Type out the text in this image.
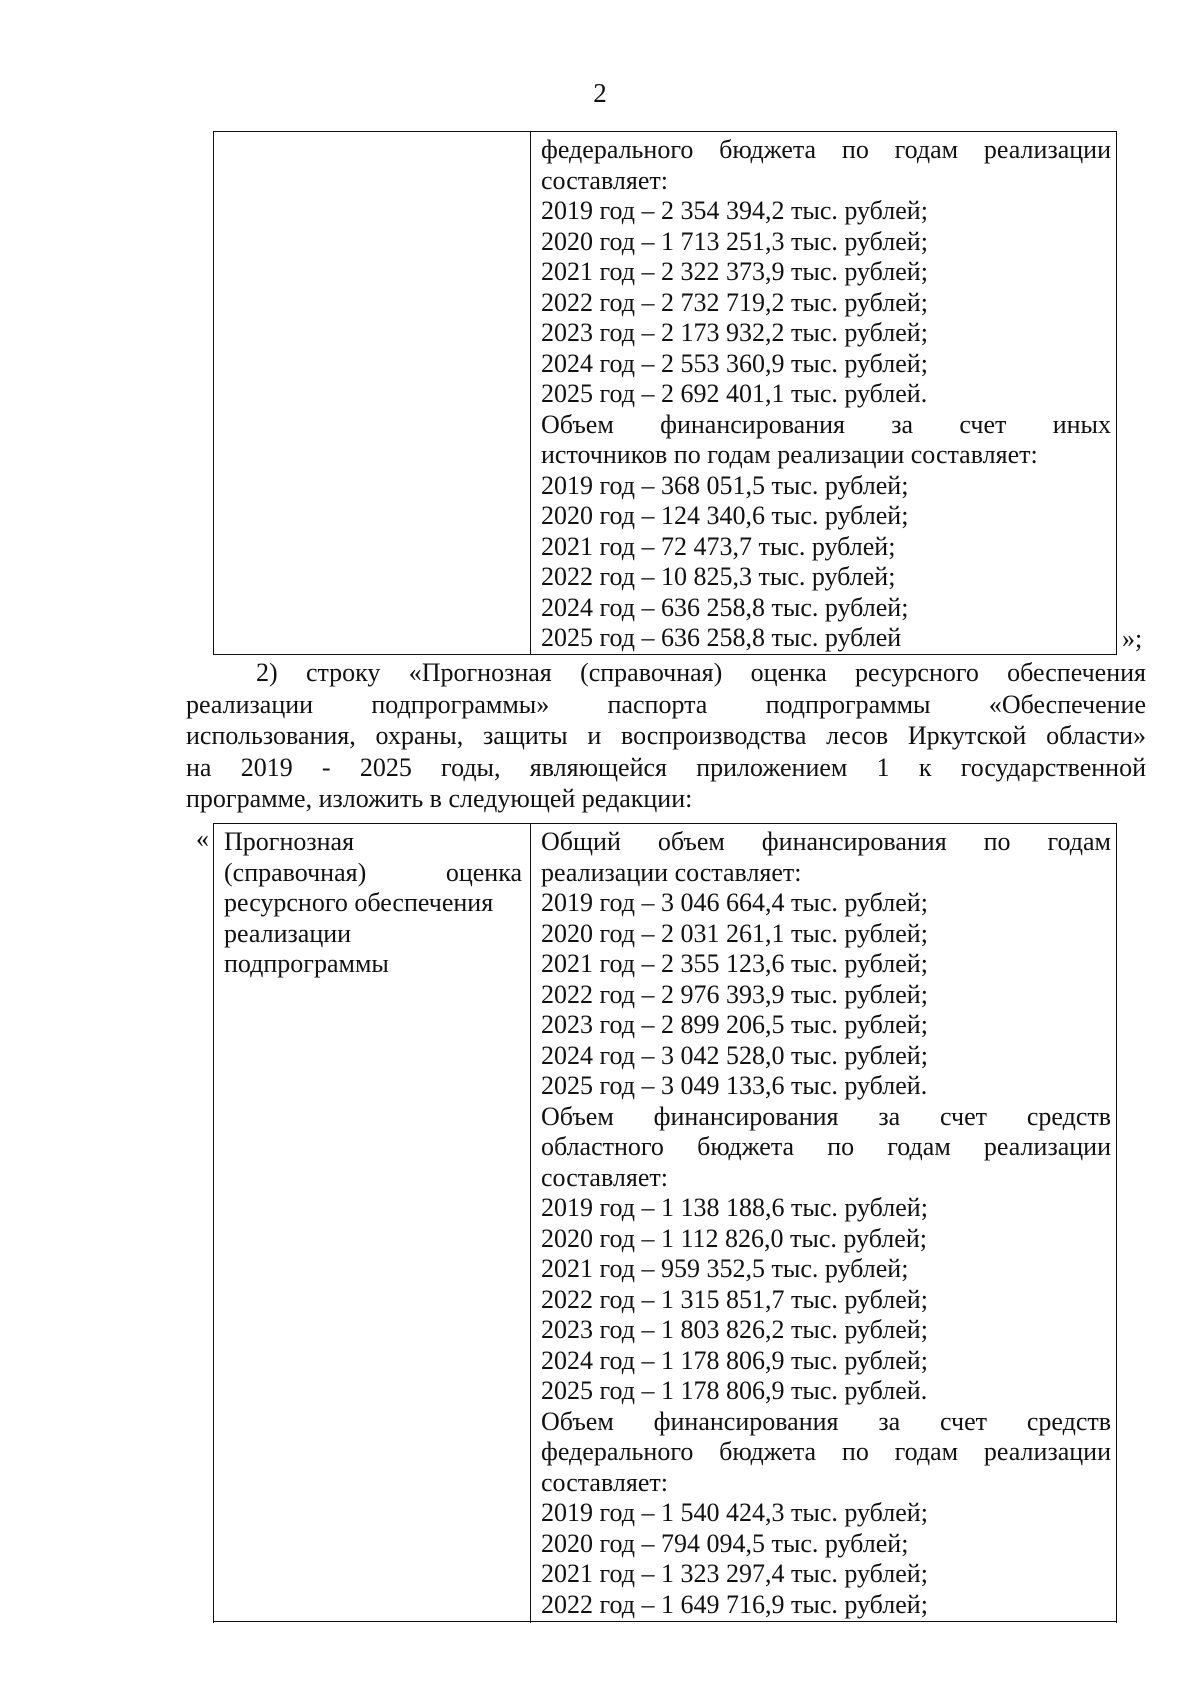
2
федерального бюджета по годам реализации
составляет:
2019 год – 2 354 394,2 тыс. рублей;
2020 год – 1 713 251,3 тыс. рублей;
2021 год – 2 322 373,9 тыс. рублей;
2022 год – 2 732 719,2 тыс. рублей;
2023 год – 2 173 932,2 тыс. рублей;
2024 год – 2 553 360,9 тыс. рублей;
2025 год – 2 692 401,1 тыс. рублей.
Объем финансирования за счет иных
источников по годам реализации составляет:
2019 год – 368 051,5 тыс. рублей;
2020 год – 124 340,6 тыс. рублей;
2021 год – 72 473,7 тыс. рублей;
2022 год – 10 825,3 тыс. рублей;
2024 год – 636 258,8 тыс. рублей;
2025 год – 636 258,8 тыс. рублей	»;
2) строку «Прогнозная (справочная) оценка ресурсного обеспечения
реализации подпрограммы» паспорта подпрограммы «Обеспечение
использования, охраны, защиты и воспроизводства лесов Иркутской области»
на 2019 - 2025 годы, являющейся приложением 1 к государственной
программе, изложить в следующей редакции:
« Прогнозная
(справочная) оценка
ресурсного обеспечения
реализации
подпрограммы
Общий объем финансирования по годам
реализации составляет:
2019 год – 3 046 664,4 тыс. рублей;
2020 год – 2 031 261,1 тыс. рублей;
2021 год – 2 355 123,6 тыс. рублей;
2022 год – 2 976 393,9 тыс. рублей;
2023 год – 2 899 206,5 тыс. рублей;
2024 год – 3 042 528,0 тыс. рублей;
2025 год – 3 049 133,6 тыс. рублей.
Объем финансирования за счет средств
областного бюджета по годам реализации
составляет:
2019 год – 1 138 188,6 тыс. рублей;
2020 год – 1 112 826,0 тыс. рублей;
2021 год – 959 352,5 тыс. рублей;
2022 год – 1 315 851,7 тыс. рублей;
2023 год – 1 803 826,2 тыс. рублей;
2024 год – 1 178 806,9 тыс. рублей;
2025 год – 1 178 806,9 тыс. рублей.
Объем финансирования за счет средств
федерального бюджета по годам реализации
составляет:
2019 год – 1 540 424,3 тыс. рублей;
2020 год – 794 094,5 тыс. рублей;
2021 год – 1 323 297,4 тыс. рублей;
2022 год – 1 649 716,9 тыс. рублей;
